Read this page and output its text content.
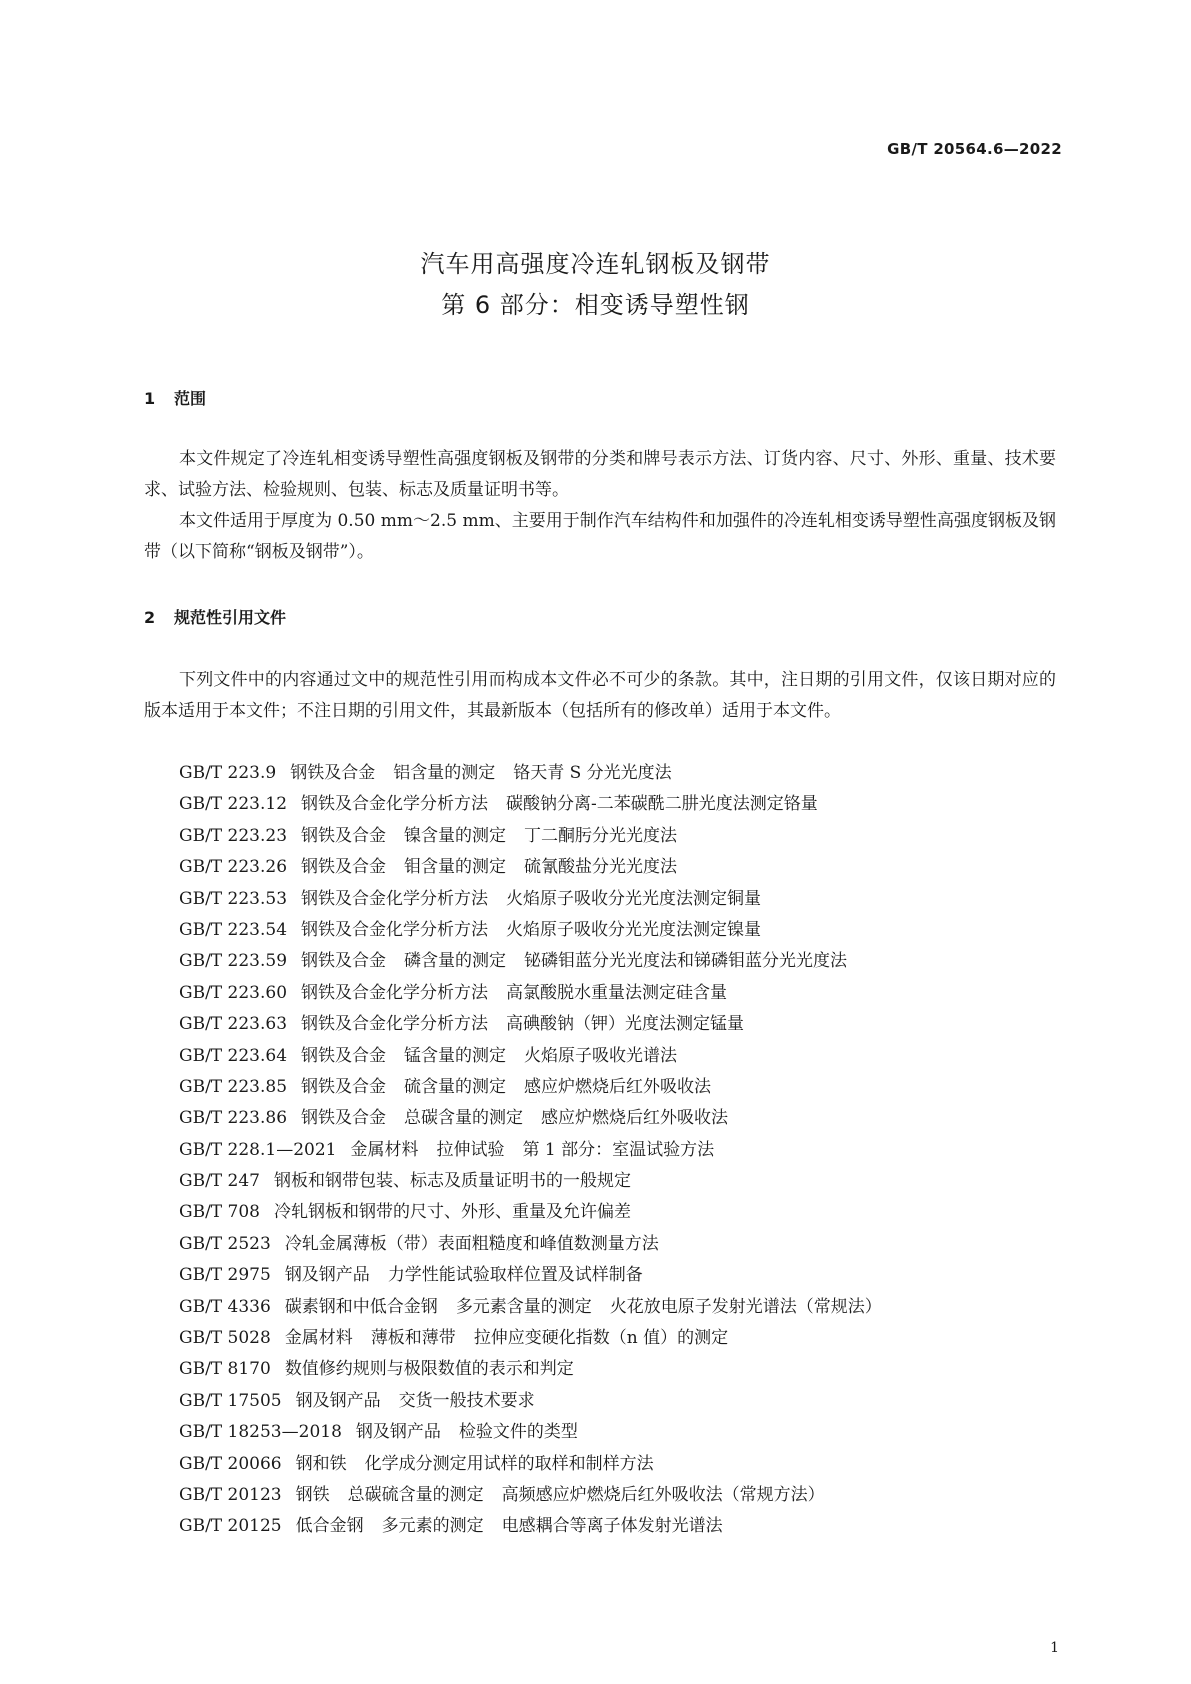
GB/T 20564.6—2022
汽车用高强度冷连轧钢板及钢带
第 6 部分：相变诱导塑性钢
1 范围

本文件规定了冷连轧相变诱导塑性高强度钢板及钢带的分类和牌号表示方法、订货内容、尺寸、外形、重量、技术要求、试验方法、检验规则、包装、标志及质量证明书等。

本文件适用于厚度为 0.50 mm～2.5 mm、主要用于制作汽车结构件和加强件的冷连轧相变诱导塑性高强度钢板及钢带（以下简称“钢板及钢带”）。

2 规范性引用文件

下列文件中的内容通过文中的规范性引用而构成本文件必不可少的条款。其中，注日期的引用文件，仅该日期对应的版本适用于本文件；不注日期的引用文件，其最新版本（包括所有的修改单）适用于本文件。

GB/T 223.9 钢铁及合金 铝含量的测定 铬天青 S 分光光度法
GB/T 223.12 钢铁及合金化学分析方法 碳酸钠分离-二苯碳酰二肼光度法测定铬量
GB/T 223.23 钢铁及合金 镍含量的测定 丁二酮肟分光光度法
GB/T 223.26 钢铁及合金 钼含量的测定 硫氰酸盐分光光度法
GB/T 223.53 钢铁及合金化学分析方法 火焰原子吸收分光光度法测定铜量
GB/T 223.54 钢铁及合金化学分析方法 火焰原子吸收分光光度法测定镍量
GB/T 223.59 钢铁及合金 磷含量的测定 铋磷钼蓝分光光度法和锑磷钼蓝分光光度法
GB/T 223.60 钢铁及合金化学分析方法 高氯酸脱水重量法测定硅含量
GB/T 223.63 钢铁及合金化学分析方法 高碘酸钠（钾）光度法测定锰量
GB/T 223.64 钢铁及合金 锰含量的测定 火焰原子吸收光谱法
GB/T 223.85 钢铁及合金 硫含量的测定 感应炉燃烧后红外吸收法
GB/T 223.86 钢铁及合金 总碳含量的测定 感应炉燃烧后红外吸收法
GB/T 228.1—2021 金属材料 拉伸试验 第 1 部分：室温试验方法
GB/T 247 钢板和钢带包装、标志及质量证明书的一般规定
GB/T 708 冷轧钢板和钢带的尺寸、外形、重量及允许偏差
GB/T 2523 冷轧金属薄板（带）表面粗糙度和峰值数测量方法
GB/T 2975 钢及钢产品 力学性能试验取样位置及试样制备
GB/T 4336 碳素钢和中低合金钢 多元素含量的测定 火花放电原子发射光谱法（常规法）
GB/T 5028 金属材料 薄板和薄带 拉伸应变硬化指数（n 值）的测定
GB/T 8170 数值修约规则与极限数值的表示和判定
GB/T 17505 钢及钢产品 交货一般技术要求
GB/T 18253—2018 钢及钢产品 检验文件的类型
GB/T 20066 钢和铁 化学成分测定用试样的取样和制样方法
GB/T 20123 钢铁 总碳硫含量的测定 高频感应炉燃烧后红外吸收法（常规方法）
GB/T 20125 低合金钢 多元素的测定 电感耦合等离子体发射光谱法
1
